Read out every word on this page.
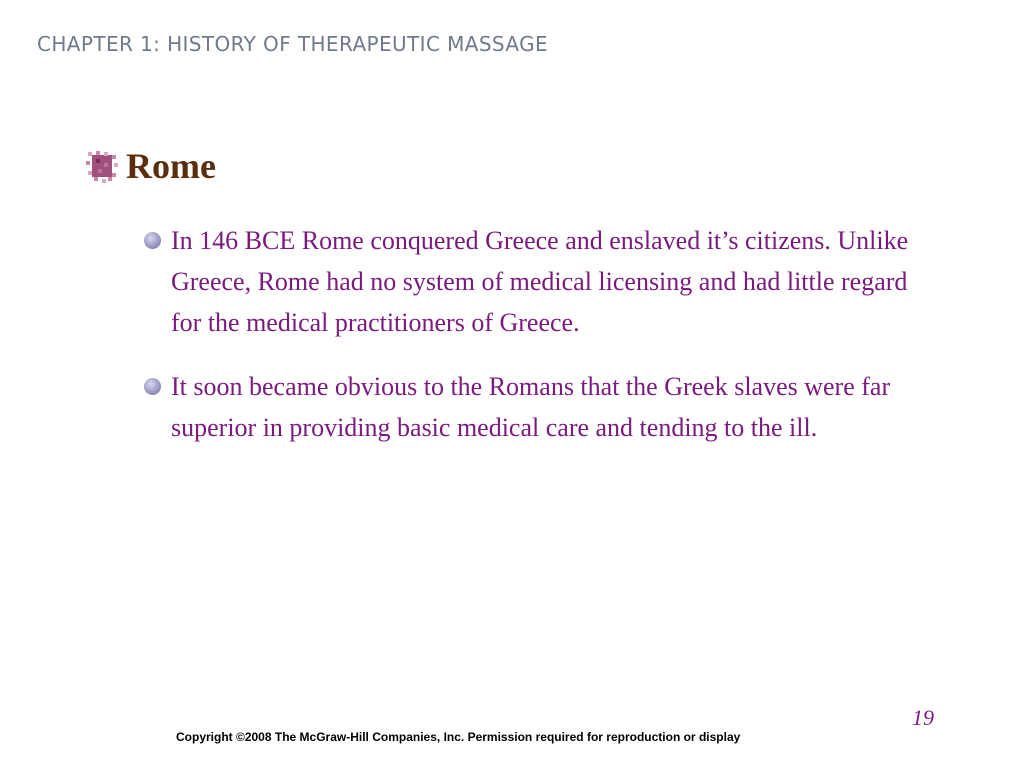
CHAPTER 1: HISTORY OF THERAPEUTIC MASSAGE
Rome
In 146 BCE Rome conquered Greece and enslaved it’s citizens. Unlike Greece, Rome had no system of medical licensing and had little regard for the medical practitioners of Greece.
It soon became obvious to the Romans that the Greek slaves were far superior in providing basic medical care and tending to the ill.
19
Copyright ©2008 The McGraw-Hill Companies, Inc. Permission required for reproduction or display
